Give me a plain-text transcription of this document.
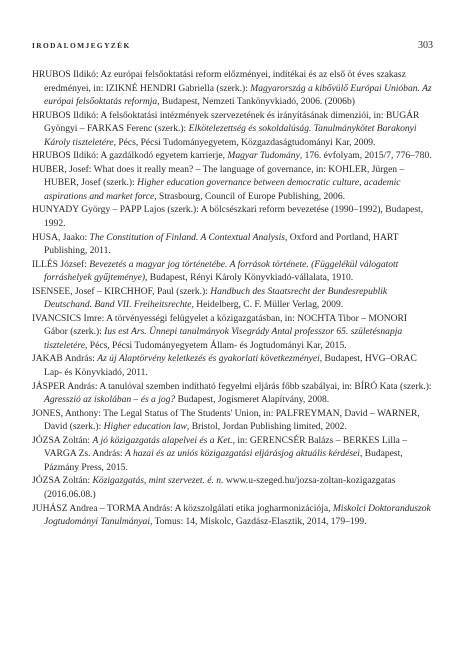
IRODALOMJEGYZÉK	303

HRUBOS Ildikó: Az európai felsőoktatási reform előzményei, indítékai és az első öt éves szakasz eredményei, in: IZIKNÉ HENDRI Gabriella (szerk.): Magyarország a kibővülő Európai Unióban. Az európai felsőoktatás reformja, Budapest, Nemzeti Tankönyvkiadó, 2006. (2006b)

HRUBOS Ildikó: A felsőoktatási intézmények szervezetének és irányításának dimenziói, in: BUGÁR Gyöngyi – FARKAS Ferenc (szerk.): Elkötelezettség és sokoldalúság. Tanulmánykötet Barakonyi Károly tiszteletére, Pécs, Pécsi Tudományegyetem, Közgazdaságtudományi Kar, 2009.

HRUBOS Ildikó: A gazdálkodó egyetem karrierje, Magyar Tudomány, 176. évfolyam, 2015/7, 776–780.

HUBER, Josef: What does it really mean? – The language of governance, in: KOHLER, Jürgen – HUBER, Josef (szerk.): Higher education governance between democratic culture, academic aspirations and market force, Strasbourg, Council of Europe Publishing, 2006.

HUNYADY György – PAPP Lajos (szerk.): A bölcsészkari reform bevezetése (1990–1992), Budapest, 1992.

HUSA, Jaako: The Constitution of Finland. A Contextual Analysis, Oxford and Portland, HART Publishing, 2011.

ILLÉS József: Bevezetés a magyar jog történetébe. A források története. (Függelékül válogatott forráshelyek gyűjteménye), Budapest, Rényi Károly Könyvkiadó-vállalata, 1910.

ISENSEE, Josef – KIRCHHOF, Paul (szerk.): Handbuch des Staatsrecht der Bundesrepublik Deutschand. Band VII. Freiheitsrechte, Heidelberg, C. F. Müller Verlag, 2009.

IVANCSICS Imre: A törvényességi felügyelet a közigazgatásban, in: NOCHTA Tibor – MONORI Gábor (szerk.): Ius est Ars. Ünnepi tanulmányok Visegrády Antal professzor 65. születésnapja tiszteletére, Pécs, Pécsi Tudományegyetem Állam- és Jogtudományi Kar, 2015.

JAKAB András: Az új Alaptörvény keletkezés és gyakorlati következményei, Budapest, HVG–ORAC Lap- és Könyvkiadó, 2011.

JÁSPER András: A tanulóval szemben indítható fegyelmi eljárás főbb szabályai, in: BÍRÓ Kata (szerk.): Agresszió az iskolában – és a jog? Budapest, Jogismeret Alapítvány, 2008.

JONES, Anthony: The Legal Status of The Students' Union, in: PALFREYMAN, David – WARNER, David (szerk.): Higher education law, Bristol, Jordan Publishing limited, 2002.

JÓZSA Zoltán: A jó közigazgatás alapelvei és a Ket., in: GERENCSÉR Balázs – BERKES Lilla – VARGA Zs. András: A hazai és az uniós közigazgatási eljárásjog aktuális kérdései, Budapest, Pázmány Press, 2015.

JÓZSA Zoltán: Közigazgatás, mint szervezet. é. n. www.u-szeged.hu/jozsa-zoltan-kozigazgatas (2016.06.08.)

JUHÁSZ Andrea – TORMA András: A közszolgálati etika jogharmonizációja, Miskolci Doktoranduszok Jogtudományi Tanulmányai, Tomus: 14, Miskolc, Gazdász-Elasztik, 2014, 179–199.
